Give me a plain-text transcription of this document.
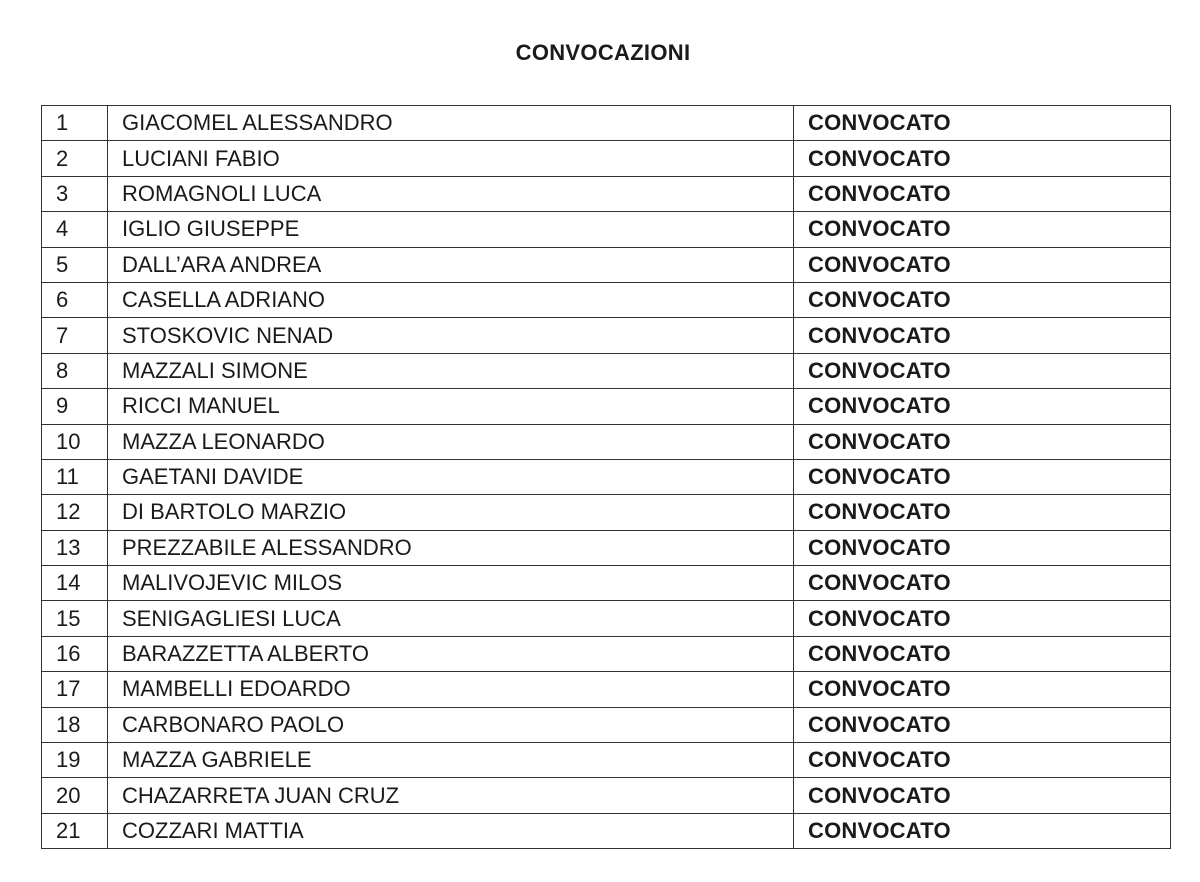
CONVOCAZIONI
1	GIACOMEL ALESSANDRO	CONVOCATO
2	LUCIANI FABIO	CONVOCATO
3	ROMAGNOLI LUCA	CONVOCATO
4	IGLIO GIUSEPPE	CONVOCATO
5	DALL’ARA ANDREA	CONVOCATO
6	CASELLA ADRIANO	CONVOCATO
7	STOSKOVIC NENAD	CONVOCATO
8	MAZZALI SIMONE	CONVOCATO
9	RICCI MANUEL	CONVOCATO
10	MAZZA LEONARDO	CONVOCATO
11	GAETANI DAVIDE	CONVOCATO
12	DI BARTOLO MARZIO	CONVOCATO
13	PREZZABILE ALESSANDRO	CONVOCATO
14	MALIVOJEVIC MILOS	CONVOCATO
15	SENIGAGLIESI LUCA	CONVOCATO
16	BARAZZETTA ALBERTO	CONVOCATO
17	MAMBELLI EDOARDO	CONVOCATO
18	CARBONARO PAOLO	CONVOCATO
19	MAZZA GABRIELE	CONVOCATO
20	CHAZARRETA JUAN CRUZ	CONVOCATO
21	COZZARI MATTIA	CONVOCATO
